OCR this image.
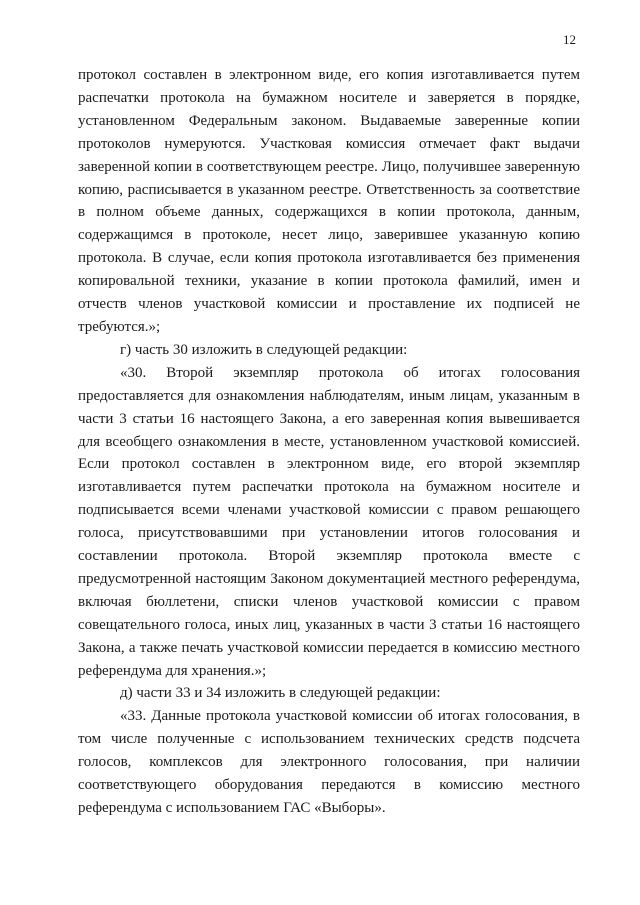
12

протокол составлен в электронном виде, его копия изготавливается путем распечатки протокола на бумажном носителе и заверяется в порядке, установленном Федеральным законом. Выдаваемые заверенные копии протоколов нумеруются. Участковая комиссия отмечает факт выдачи заверенной копии в соответствующем реестре. Лицо, получившее заверенную копию, расписывается в указанном реестре. Ответственность за соответствие в полном объеме данных, содержащихся в копии протокола, данным, содержащимся в протоколе, несет лицо, заверившее указанную копию протокола. В случае, если копия протокола изготавливается без применения копировальной техники, указание в копии протокола фамилий, имен и отчеств членов участковой комиссии и проставление их подписей не требуются.»;

г) часть 30 изложить в следующей редакции:

«30. Второй экземпляр протокола об итогах голосования предоставляется для ознакомления наблюдателям, иным лицам, указанным в части 3 статьи 16 настоящего Закона, а его заверенная копия вывешивается для всеобщего ознакомления в месте, установленном участковой комиссией. Если протокол составлен в электронном виде, его второй экземпляр изготавливается путем распечатки протокола на бумажном носителе и подписывается всеми членами участковой комиссии с правом решающего голоса, присутствовавшими при установлении итогов голосования и составлении протокола. Второй экземпляр протокола вместе с предусмотренной настоящим Законом документацией местного референдума, включая бюллетени, списки членов участковой комиссии с правом совещательного голоса, иных лиц, указанных в части 3 статьи 16 настоящего Закона, а также печать участковой комиссии передается в комиссию местного референдума для хранения.»;

д) части 33 и 34 изложить в следующей редакции:

«33. Данные протокола участковой комиссии об итогах голосования, в том числе полученные с использованием технических средств подсчета голосов, комплексов для электронного голосования, при наличии соответствующего оборудования передаются в комиссию местного референдума с использованием ГАС «Выборы».
